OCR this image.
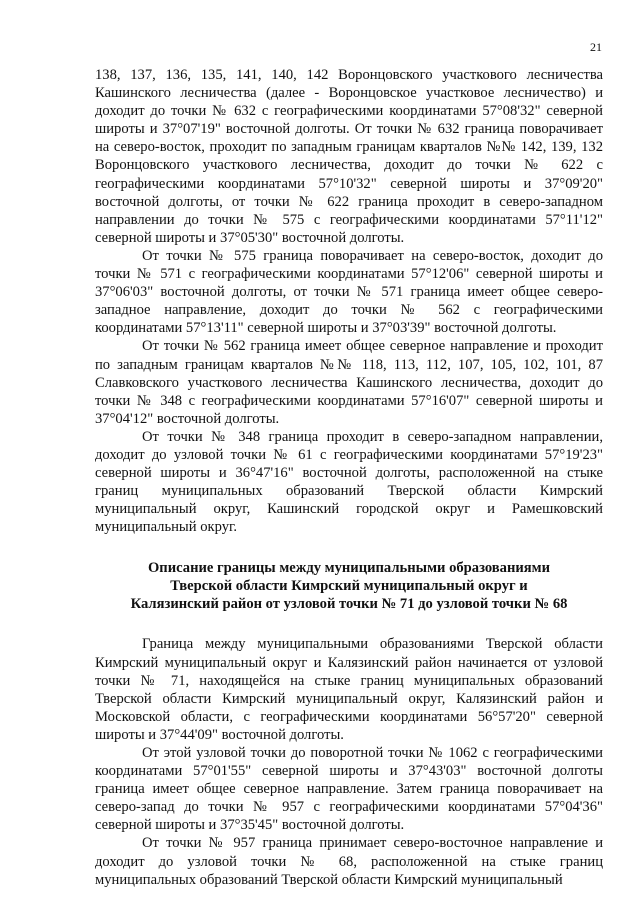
21

138, 137, 136, 135, 141, 140, 142 Воронцовского участкового лесничества Кашинского лесничества (далее - Воронцовское участковое лесничество) и доходит до точки № 632 с географическими координатами 57°08'32" северной широты и 37°07'19" восточной долготы. От точки № 632 граница поворачивает на северо-восток, проходит по западным границам кварталов №№ 142, 139, 132 Воронцовского участкового лесничества, доходит до точки № 622 с географическими координатами 57°10'32" северной широты и 37°09'20" восточной долготы, от точки № 622 граница проходит в северо-западном направлении до точки № 575 с географическими координатами 57°11'12" северной широты и 37°05'30" восточной долготы.

От точки № 575 граница поворачивает на северо-восток, доходит до точки № 571 с географическими координатами 57°12'06" северной широты и 37°06'03" восточной долготы, от точки № 571 граница имеет общее северо-западное направление, доходит до точки № 562 с географическими координатами 57°13'11" северной широты и 37°03'39" восточной долготы.

От точки № 562 граница имеет общее северное направление и проходит по западным границам кварталов №№ 118, 113, 112, 107, 105, 102, 101, 87 Славковского участкового лесничества Кашинского лесничества, доходит до точки № 348 с географическими координатами 57°16'07" северной широты и 37°04'12" восточной долготы.

От точки № 348 граница проходит в северо-западном направлении, доходит до узловой точки № 61 с географическими координатами 57°19'23" северной широты и 36°47'16" восточной долготы, расположенной на стыке границ муниципальных образований Тверской области Кимрский муниципальный округ, Кашинский городской округ и Рамешковский муниципальный округ.

Описание границы между муниципальными образованиями
Тверской области Кимрский муниципальный округ и
Калязинский район от узловой точки № 71 до узловой точки № 68

Граница между муниципальными образованиями Тверской области Кимрский муниципальный округ и Калязинский район начинается от узловой точки № 71, находящейся на стыке границ муниципальных образований Тверской области Кимрский муниципальный округ, Калязинский район и Московской области, с географическими координатами 56°57'20" северной широты и 37°44'09" восточной долготы.

От этой узловой точки до поворотной точки № 1062 с географическими координатами 57°01'55" северной широты и 37°43'03" восточной долготы граница имеет общее северное направление. Затем граница поворачивает на северо-запад до точки № 957 с географическими координатами 57°04'36" северной широты и 37°35'45" восточной долготы.

От точки № 957 граница принимает северо-восточное направление и доходит до узловой точки № 68, расположенной на стыке границ муниципальных образований Тверской области Кимрский муниципальный
